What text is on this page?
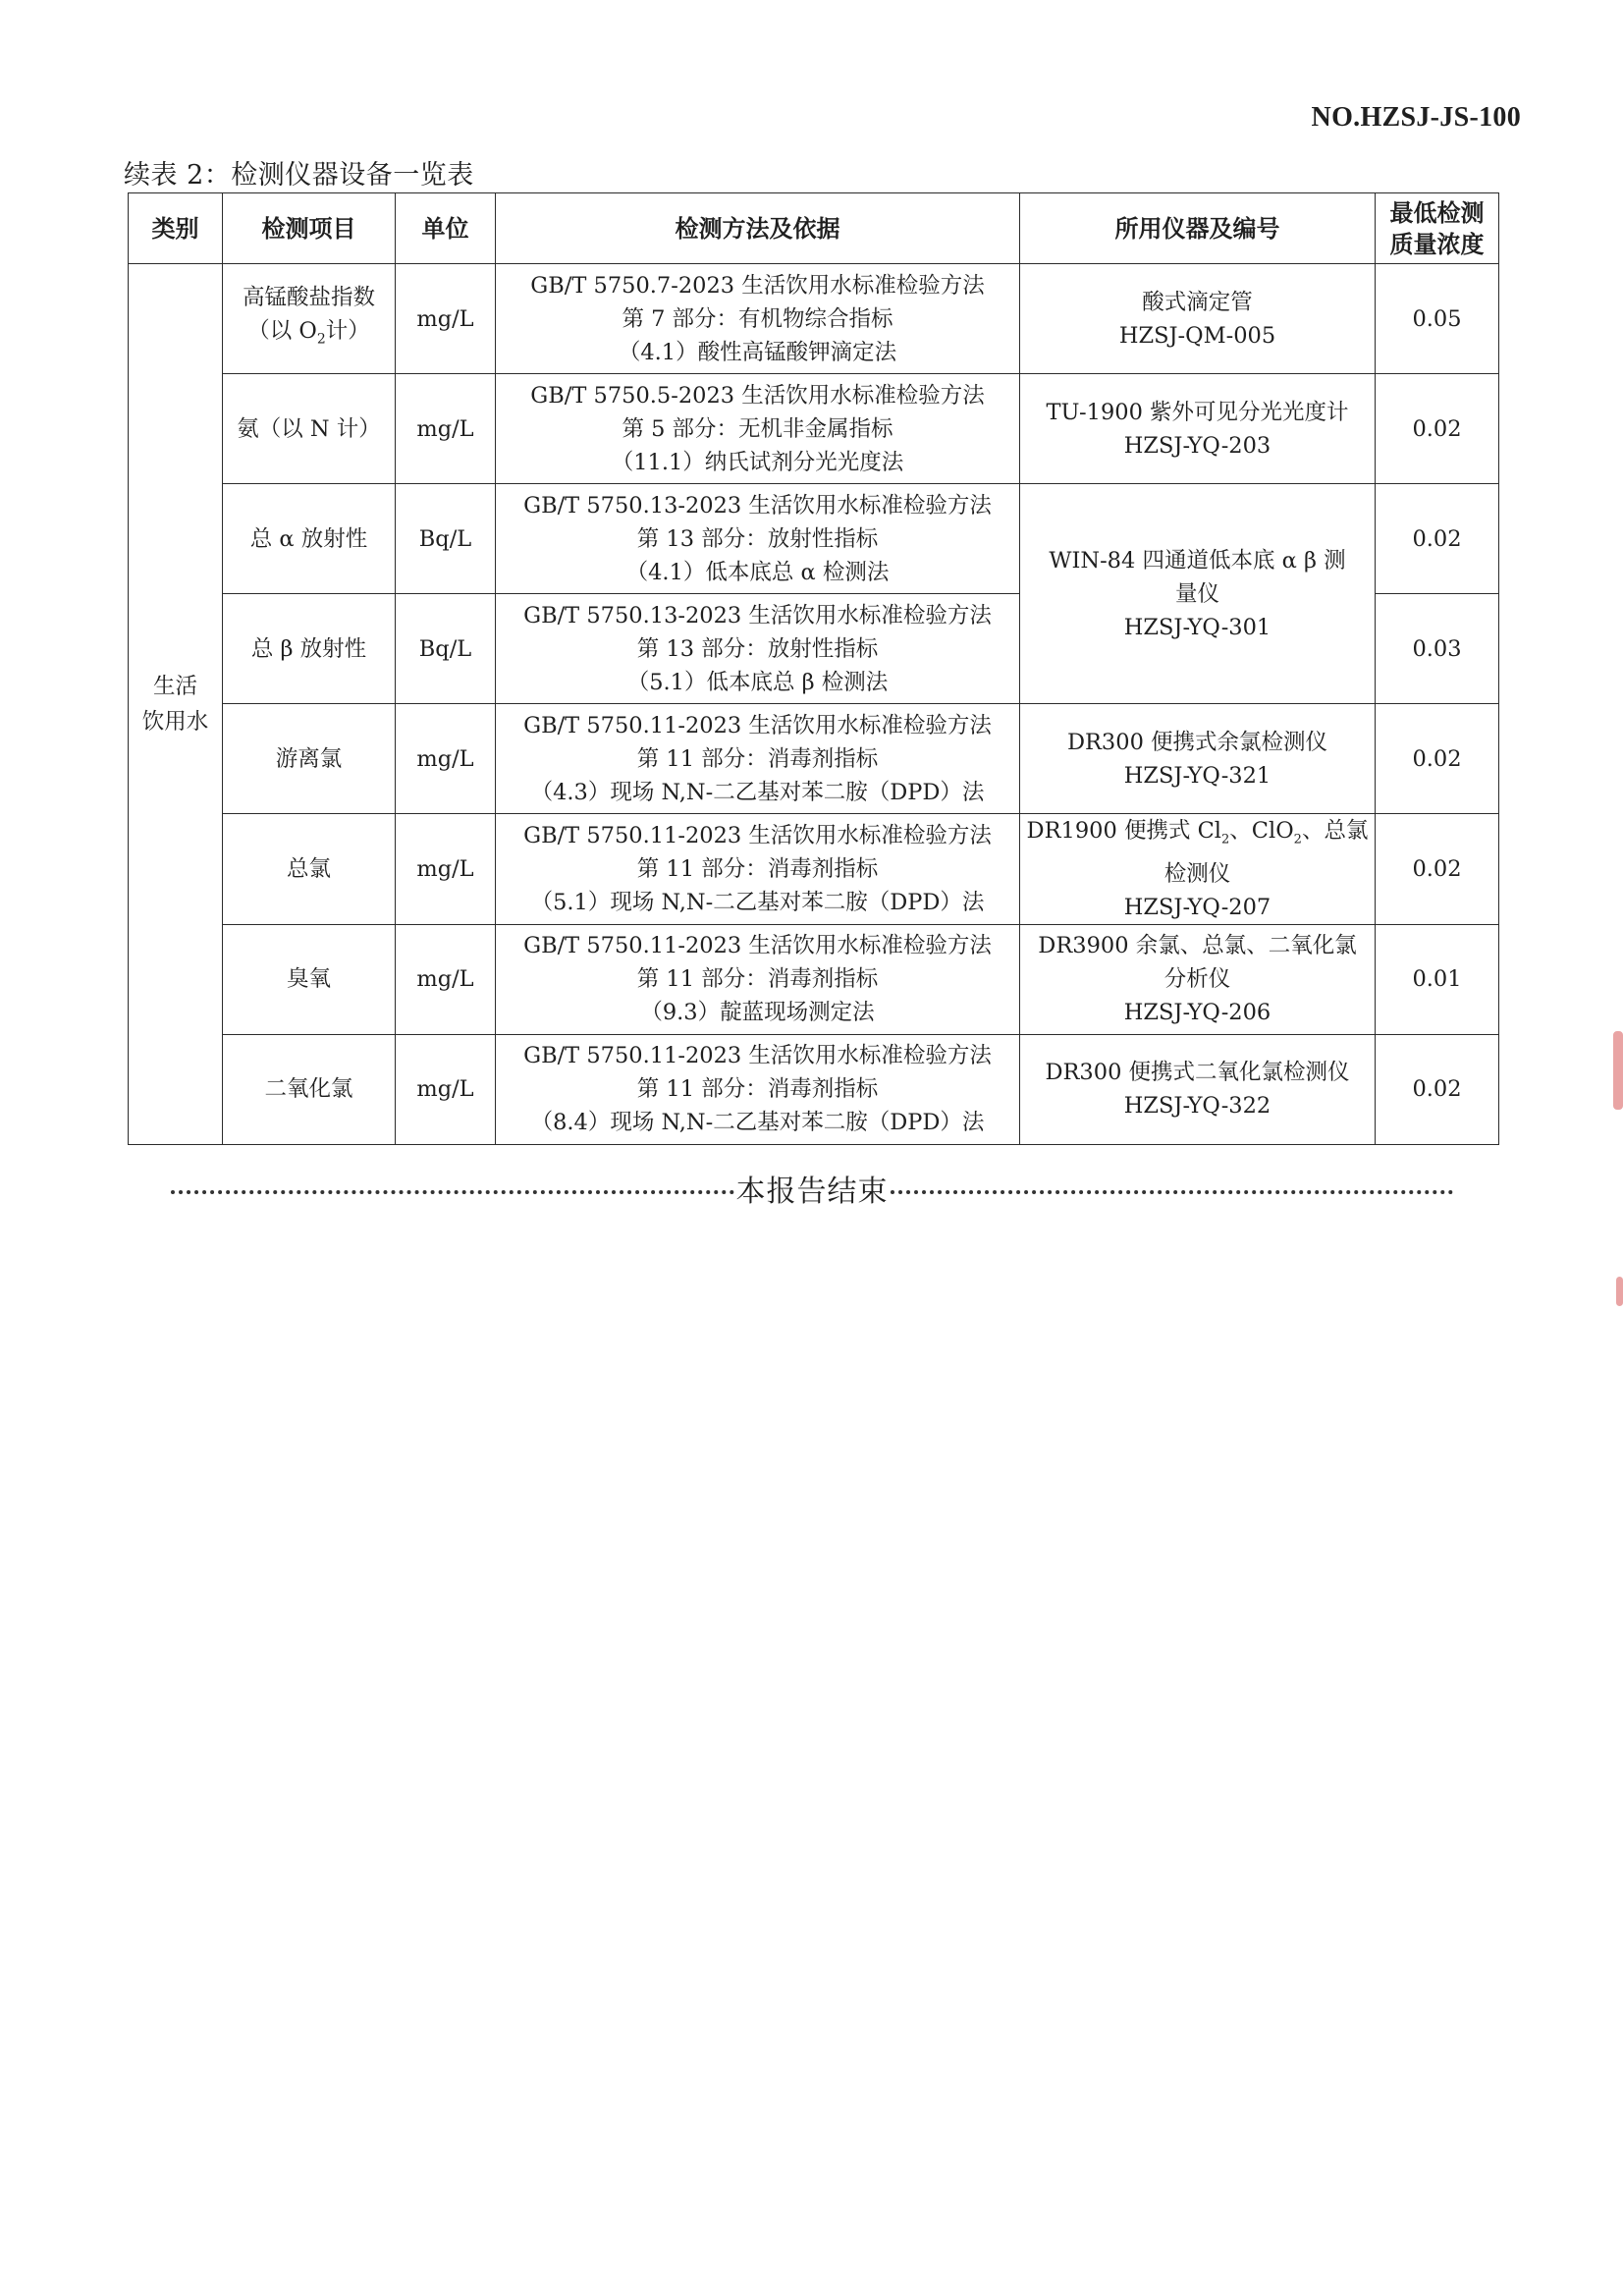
NO.HZSJ-JS-100
续表 2：检测仪器设备一览表
类别	检测项目	单位	检测方法及依据	所用仪器及编号	最低检测
质量浓度

生活
饮用水	高锰酸盐指数
（以 $O_2$计）	mg/L	GB/T 5750.7-2023 生活饮用水标准检验方法
第 7 部分：有机物综合指标
（4.1）酸性高锰酸钾滴定法	酸式滴定管
HZSJ-QM-005	0.05
	氨（以 N 计）	mg/L	GB/T 5750.5-2023 生活饮用水标准检验方法
第 5 部分：无机非金属指标
（11.1）纳氏试剂分光光度法	TU-1900 紫外可见分光光度计
HZSJ-YQ-203	0.02
	总 α 放射性	Bq/L	GB/T 5750.13-2023 生活饮用水标准检验方法
第 13 部分：放射性指标
（4.1）低本底总 α 检测法	WIN-84 四通道低本底 α β 测
量仪
HZSJ-YQ-301	0.02
	总 β 放射性	Bq/L	GB/T 5750.13-2023 生活饮用水标准检验方法
第 13 部分：放射性指标
（5.1）低本底总 β 检测法		0.03
	游离氯	mg/L	GB/T 5750.11-2023 生活饮用水标准检验方法
第 11 部分：消毒剂指标
（4.3）现场 N,N-二乙基对苯二胺（DPD）法	DR300 便携式余氯检测仪
HZSJ-YQ-321	0.02
	总氯	mg/L	GB/T 5750.11-2023 生活饮用水标准检验方法
第 11 部分：消毒剂指标
（5.1）现场 N,N-二乙基对苯二胺（DPD）法	DR1900 便携式 $Cl_2$、ClO$_2$、总氯
检测仪
HZSJ-YQ-207	0.02
	臭氧	mg/L	GB/T 5750.11-2023 生活饮用水标准检验方法
第 11 部分：消毒剂指标
（9.3）靛蓝现场测定法	DR3900 余氯、总氯、二氧化氯
分析仪
HZSJ-YQ-206	0.01
	二氧化氯	mg/L	GB/T 5750.11-2023 生活饮用水标准检验方法
第 11 部分：消毒剂指标
（8.4）现场 N,N-二乙基对苯二胺（DPD）法	DR300 便携式二氧化氯检测仪
HZSJ-YQ-322	0.02
本报告结束
